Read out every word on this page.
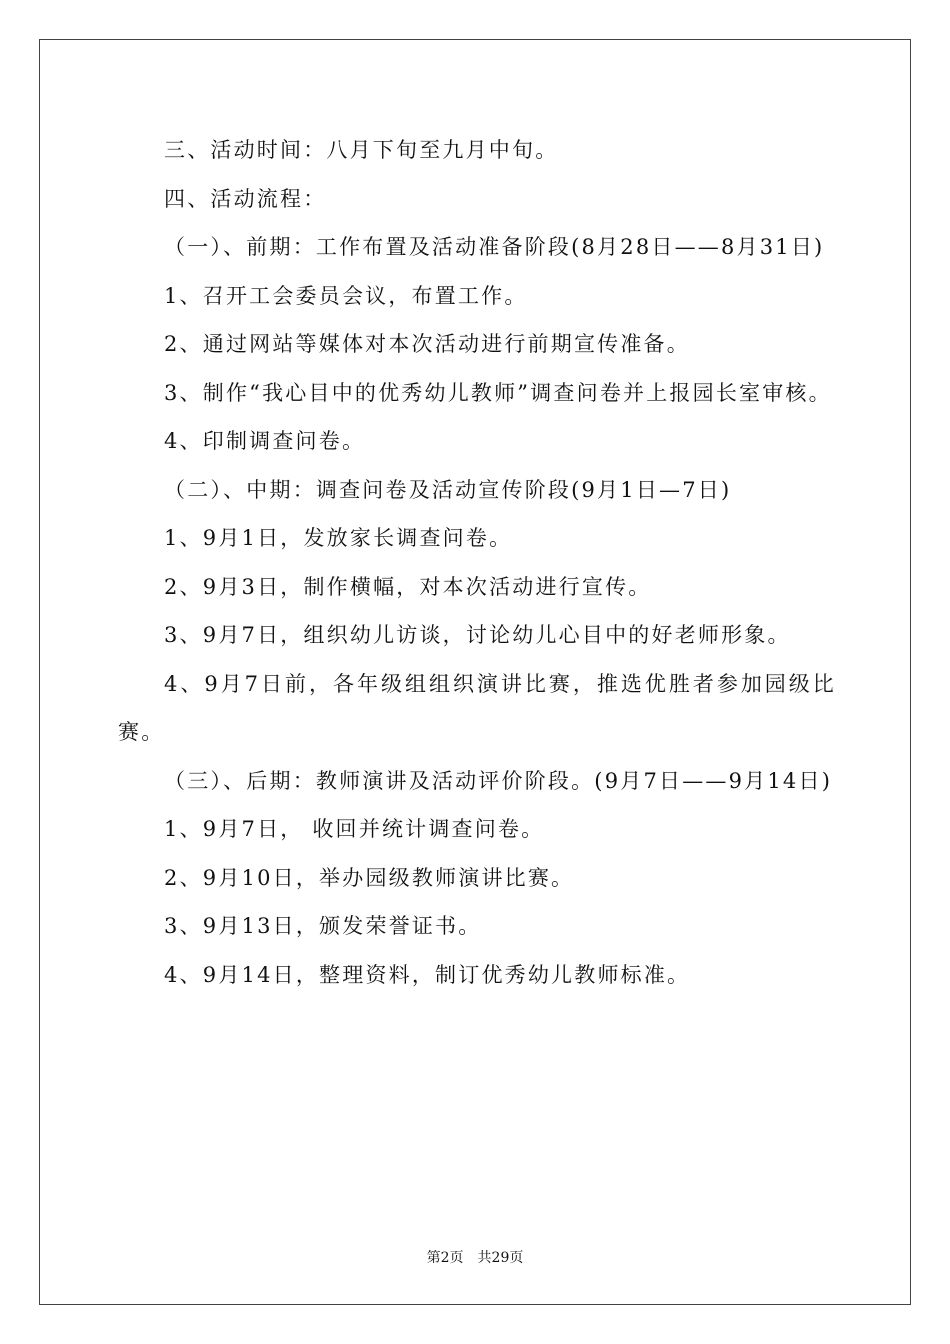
三、活动时间：八月下旬至九月中旬。

四、活动流程：

（一）、前期：工作布置及活动准备阶段(8月28日——8月31日)

1、召开工会委员会议，布置工作。

2、通过网站等媒体对本次活动进行前期宣传准备。

3、制作“我心目中的优秀幼儿教师”调查问卷并上报园长室审核。

4、印制调查问卷。

（二）、中期：调查问卷及活动宣传阶段(9月1日—7日)

1、9月1日，发放家长调查问卷。

2、9月3日，制作横幅，对本次活动进行宣传。

3、9月7日，组织幼儿访谈，讨论幼儿心目中的好老师形象。

4、9月7日前，各年级组组织演讲比赛，推选优胜者参加园级比赛。

（三）、后期：教师演讲及活动评价阶段。(9月7日——9月14日)

1、9月7日， 收回并统计调查问卷。

2、9月10日，举办园级教师演讲比赛。

3、9月13日，颁发荣誉证书。

4、9月14日，整理资料，制订优秀幼儿教师标准。

第2页　共29页
